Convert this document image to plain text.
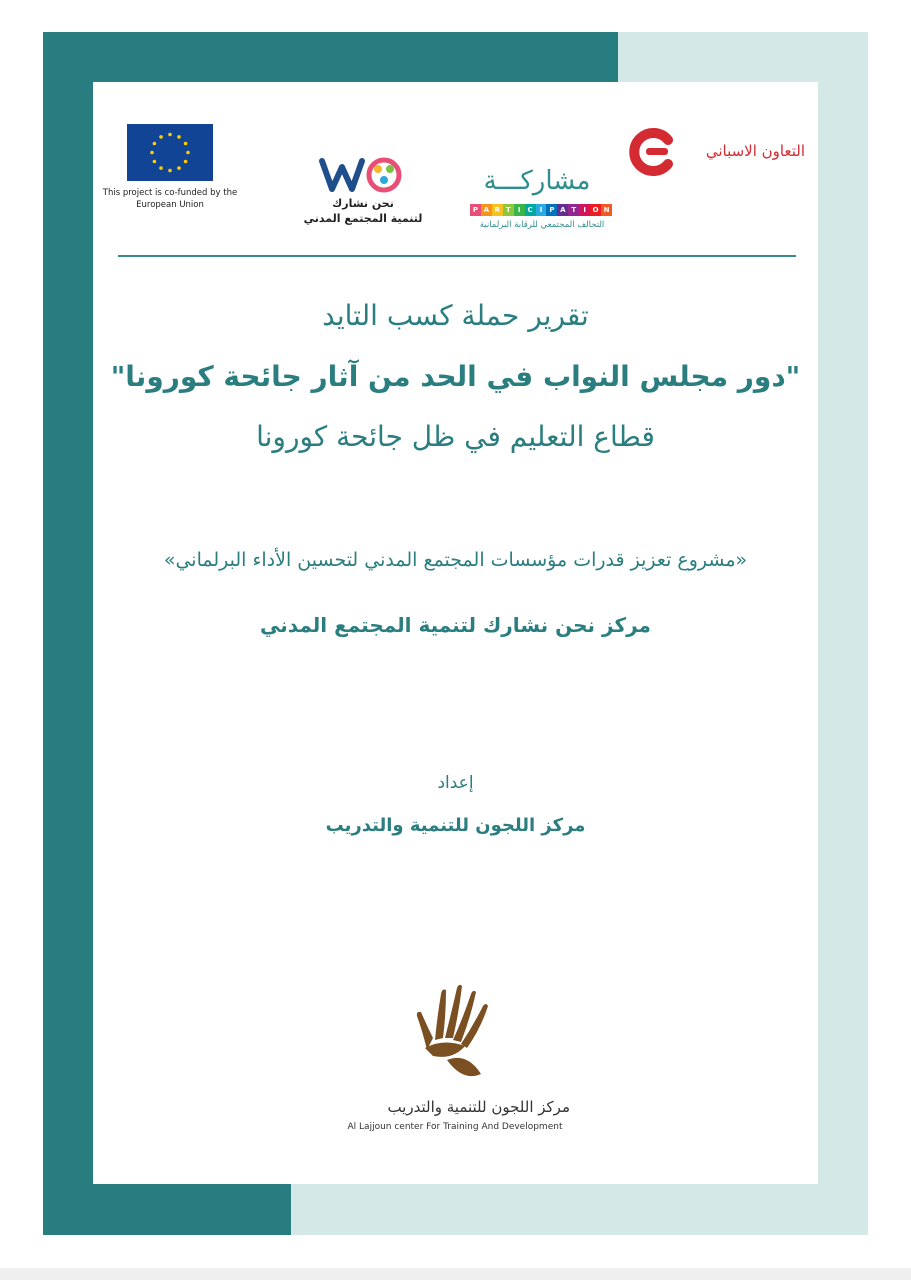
This project is co-funded by the European Union	نحن نشارك
لتنمية المجتمع المدني
مشاركـــة
P A R T	I	C	I	P A T	I O N
التحالف المجتمعي للرقابة البرلمانية
التعاون الاسباني
تقرير حملة كسب التايد
"دور مجلس النواب في الحد من آثار جائحة كورونا"
قطاع التعليم في ظل جائحة كورونا
«مشروع تعزيز قدرات مؤسسات المجتمع المدني لتحسين الأداء البرلماني»
مركز نحن نشارك لتنمية المجتمع المدني
إعداد
مركز اللجون للتنمية والتدريب
مركز اللجون للتنمية والتدريب
Al Lajjoun center For Training And Development
